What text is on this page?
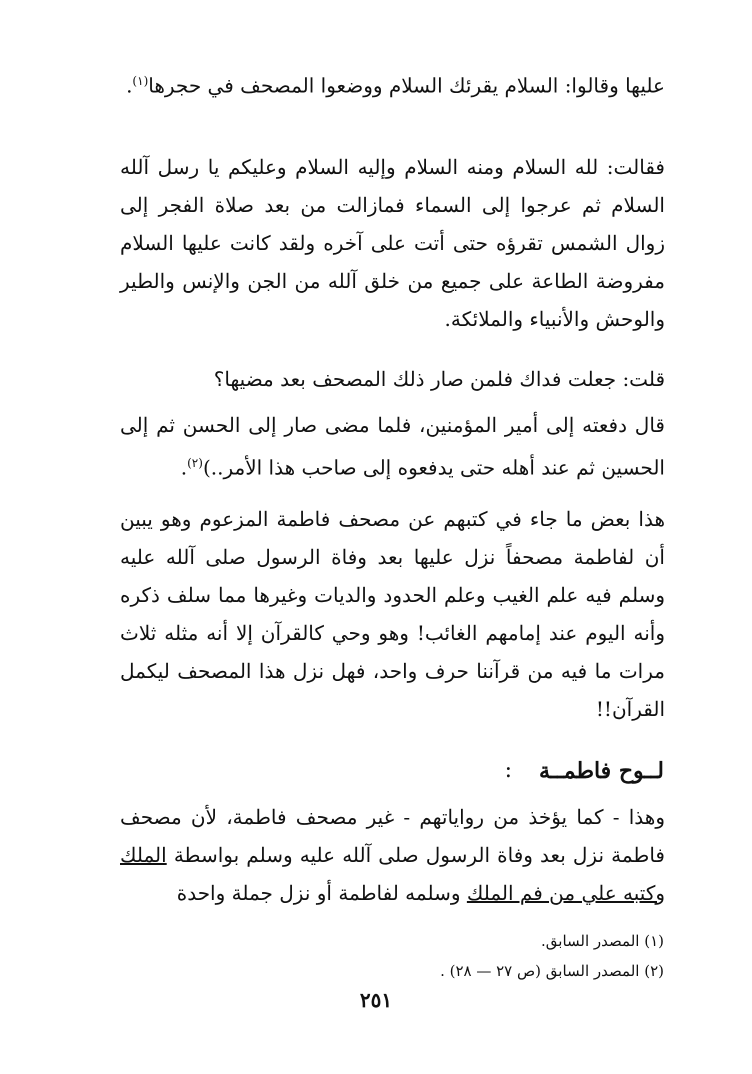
عليها وقالوا: السلام يقرئك السلام ووضعوا المصحف في حجرها$^{(١)}$.

فقالت: لله السلام ومنه السلام وإليه السلام وعليكم يا رسل آلله السلام ثم عرجوا إلى السماء فمازالت من بعد صلاة الفجر إلى زوال الشمس تقرؤه حتى أتت على آخره ولقد كانت عليها السلام مفروضة الطاعة على جميع من خلق آلله من الجن والإنس والطير والوحش والأنبياء والملائكة.

قلت: جعلت فداك فلمن صار ذلك المصحف بعد مضيها؟

قال دفعته إلى أمير المؤمنين، فلما مضى صار إلى الحسن ثم إلى الحسين ثم عند أهله حتى يدفعوه إلى صاحب هذا الأمر..)$^{(٢)}$.

هذا بعض ما جاء في كتبهم عن مصحف فاطمة المزعوم وهو يبين أن لفاطمة مصحفاً نزل عليها بعد وفاة الرسول صلى آلله عليه وسلم فيه علم الغيب وعلم الحدود والديات وغيرها مما سلف ذكره وأنه اليوم عند إمامهم الغائب! وهو وحي كالقرآن إلا أنه مثله ثلاث مرات ما فيه من قرآننا حرف واحد، فهل نزل هذا المصحف ليكمل القرآن!!

لــوح فاطمــة
:

وهذا - كما يؤخذ من رواياتهم - غير مصحف فاطمة، لأن مصحف فاطمة نزل بعد وفاة الرسول صلى آلله عليه وسلم بواسطة الملك وكتبه علي من فم الملك وسلمه لفاطمة أو نزل جملة واحدة

(١) المصدر السابق.
(٢) المصدر السابق (ص ٢٧ — ٢٨) .
٢٥١
